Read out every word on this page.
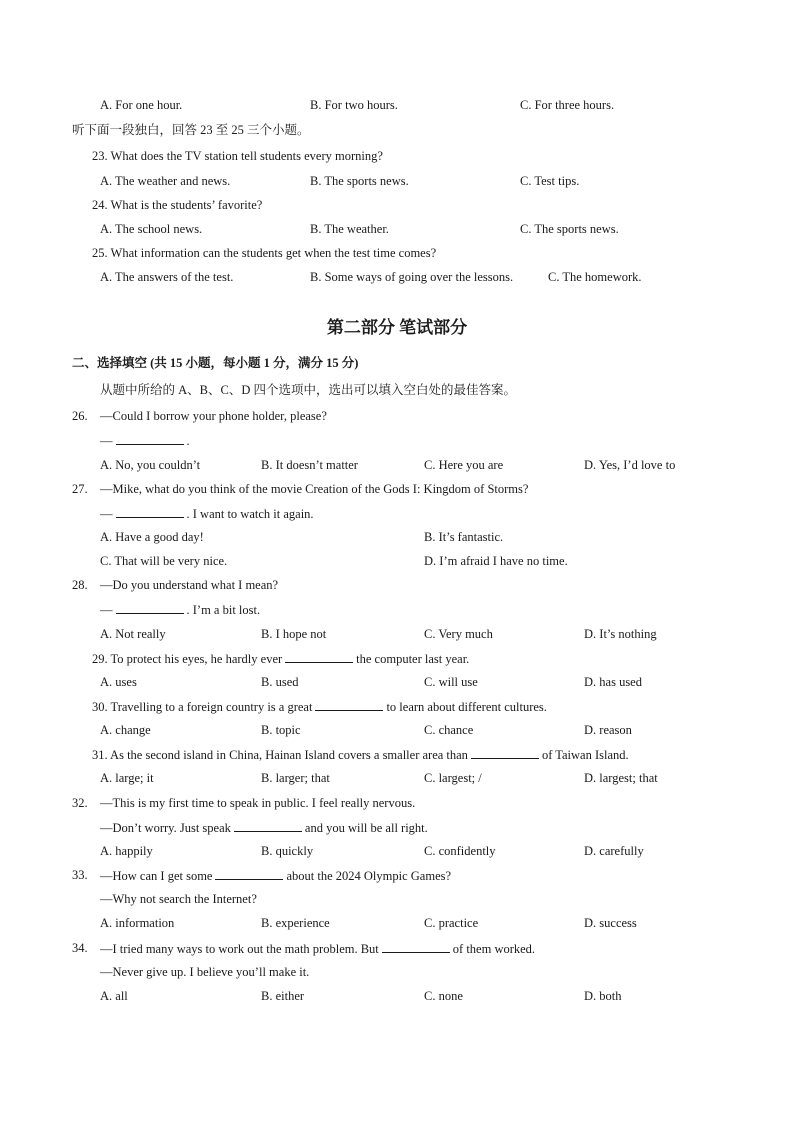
A. For one hour.	B. For two hours.	C. For three hours.
听下面一段独白，回答 23 至 25 三个小题。
23. What does the TV station tell students every morning?
A. The weather and news.	B. The sports news.	C. Test tips.
24. What is the students’ favorite?
A. The school news.	B. The weather.	C. The sports news.
25. What information can the students get when the test time comes?
A. The answers of the test.	B. Some ways of going over the lessons.	C. The homework.
第二部分 笔试部分
二、选择填空 (共 15 小题，每小题 1 分，满分 15 分)
从题中所给的 A、B、C、D 四个选项中，选出可以填入空白处的最佳答案。
26. —Could I borrow your phone holder, please?
—	.
A. No, you couldn’t	B. It doesn’t matter	C. Here you are	D. Yes, I’d love to
27. —Mike, what do you think of the movie Creation of the Gods I: Kingdom of Storms?
—	. I want to watch it again.
A. Have a good day!	B. It’s fantastic.
C. That will be very nice.	D. I’m afraid I have no time.
28. —Do you understand what I mean?
—	. I’m a bit lost.
A. Not really	B. I hope not	C. Very much	D. It’s nothing
29. To protect his eyes, he hardly ever	the computer last year.
A. uses	B. used	C. will use	D. has used
30. Travelling to a foreign country is a great	to learn about different cultures.
A. change	B. topic	C. chance	D. reason
31. As the second island in China, Hainan Island covers a smaller area than	of Taiwan Island.
A. large; it	B. larger; that	C. largest; /	D. largest; that
32. —This is my first time to speak in public. I feel really nervous.
—Don’t worry. Just speak	and you will be all right.
A. happily	B. quickly	C. confidently	D. carefully
33. —How can I get some	about the 2024 Olympic Games?
—Why not search the Internet?
A. information	B. experience	C. practice	D. success
34. —I tried many ways to work out the math problem. But	of them worked.
—Never give up. I believe you’ll make it.
A. all	B. either	C. none	D. both
